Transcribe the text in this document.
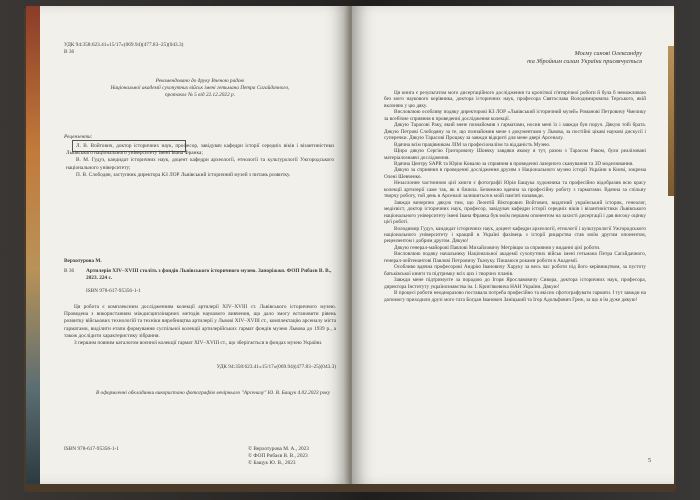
УДК 94:358:623.41«15/17»(069.94)(477.83–25)(043.3)
В 36

Рекомендовано до друку Вченою радою

Національної академії сухопутних військ імені гетьмана Петра Сагайдачного,

протокол № 5 від 22.12.2022 р.

Рецензенти:

Л. В. Войтович, доктор історичних наук, професор, завідувач кафедри історії середніх віків і візантиністики Львівського національного університету імені Івана Франка;

В. М. Гудуз, кандидат історичних наук, доцент кафедри археології, етнології та культурології Ужгородського національного університету;

П. В. Слободян, заступник директора КЗ ЛОР Львівський історичний музей з питань розвитку.

Верхотурова М.
В 36 Артилерія XIV–XVIII століть з фондів Львівського історичного музею. Запоріжжя. ФОП Рибаєв В. В., 2023. 224 с.
ISBN 978-617-95356-1-1

Ця робота є комплексним дослідженням колекції артилерії XIV–XVIII ст. Львівського історичного музею. Проведена з використанням міждисциплінарних методів наукового вивчення, що дало змогу встановити рівень розвитку військових технологій та техніки виробництва артилерії у Львові XIV–XVIII ст., комплектацію арсеналу міста гарматами, виділити етапи формування суспільної колекції артилерійських гармат фондів музею Львова до 1939 р., а також дослідити характеристику зібрання.

З першим повним каталогом воєнної колекції гармат XIV–XVIII ст., що зберігається в фондах музею України.

УДК 94:358:623.41«15/17»(069.94)(477.83–25)(043.3)
В оформленні обкладинки використано фотографію вечірнього "Арсеналу" Ю. В. Бащук 4.02.2023 року
ISBN 978-617-95356-1-1	© Верхотурова М. А., 2023

© ФОП Рибаєв В. В., 2023

© Бащук Ю. В., 2023

Моєму синові Олександру

та Збройним силам України присвячується

Ця книга є результатом мого дисертаційного дослідження та кропіткої п'ятирічної роботи й була б неможливою без мого наукового керівника, доктора історичних наук, професора Святослава Володимировича Терського, якій вклоняю у цю дяку.

Висловлюю особливу подяку директорові КЗ ЛОР «Львівський історичний музей» Романові Петровичу Чмелику за всебічне сприяння в проведенні дослідження колекції.

Дякую Тарасові Раку, який мене познайомив з гарматами, носив мені їх і завжди був поруч. Дякую тобі брата. Дякую Петрові Слободяну за те, що познайомив мене з документами у Львова, за постійні цікаві наукові дискусії і суперечки. Дякую Тарасові Процаку за завжди відкриті для мене двері Арсеналу.

Вдячна всім працівникам ЛІМ за професіоналізм та відданість Музею.

Щиро дякую Сергію Григоровичу Шовчку завдяки якому я тут, разом з Тарасом Раком, були реалізовані матеріалознавчі дослідження.

Вдячна Центру SAPR та Юрію Ковалю за сприяння в проведенні лазерного сканування та 3D моделювання.

Дякую за сприяння в проведенні дослідження друзям з Національного музею історії України в Києві, зокрема Олені Шевченко.

Незаслонне частинною цієї книги є фотографії Юрія Бащука художника та професійно відобразив всю красу колекції артилерії саме так, як я бачила. Безмежно вдячна за професійну роботу з гарматами. Вдячна за спільну творчу роботу, той день в Арсеналі залишиться в моїй пам'яті назавжди.

Завжди вичерпно дякую тим, що Леонтій Вікторович Войтович, видатний український історик, генеалог, медієвіст, доктор історичних наук, професор, завідувач кафедри історії середніх віків і візантиністики Львівського національного університету імені Івана Франка був моїм першим опонентом на захисті дисертації і дав високу оцінку цієї роботі.

Володимир Гудуз, кандидат історичних наук, доцент кафедри археології, етнології і культурології Ужгородського національного університету і кращий в Україні фахівець з історії рицарства став моїм другим опонентом, рецензентом і добрим другом. Дякую!

Дякую генерал-майорові Павлові Михайловичу Метрівцю за сприяння у виданні цієї роботи.

Висловлюю подяку начальнику Національної академії сухопутних військ імені гетьмана Петра Сагайдачного, генерал-лейтенантові Павлові Петровичу Ткачуку. Пишаюся роками роботи в Академії.

Особливо вдячна професорові Андрію Івановичу Харуку за весь час роботи під його керівництвом, за пустоту батьківської книги та підтримку всіх цих і творчих планів.

Завжди мене підтримуєте за порадою до Ігоря Ярославовичу Сивора, доктора історичних наук, професора, директора Інституту українознавства ім. І. Крип'якевича НАН України. Дякую!

В процесі роботи неодноразово поставала потреба професійно та якісно сфотографувати гармати. І тут завжди на допомогу приходили друзі мого тата Богдан Іванович Заніцький та Ігор Адольфович Греж, за що я їм дуже дякую!

5
